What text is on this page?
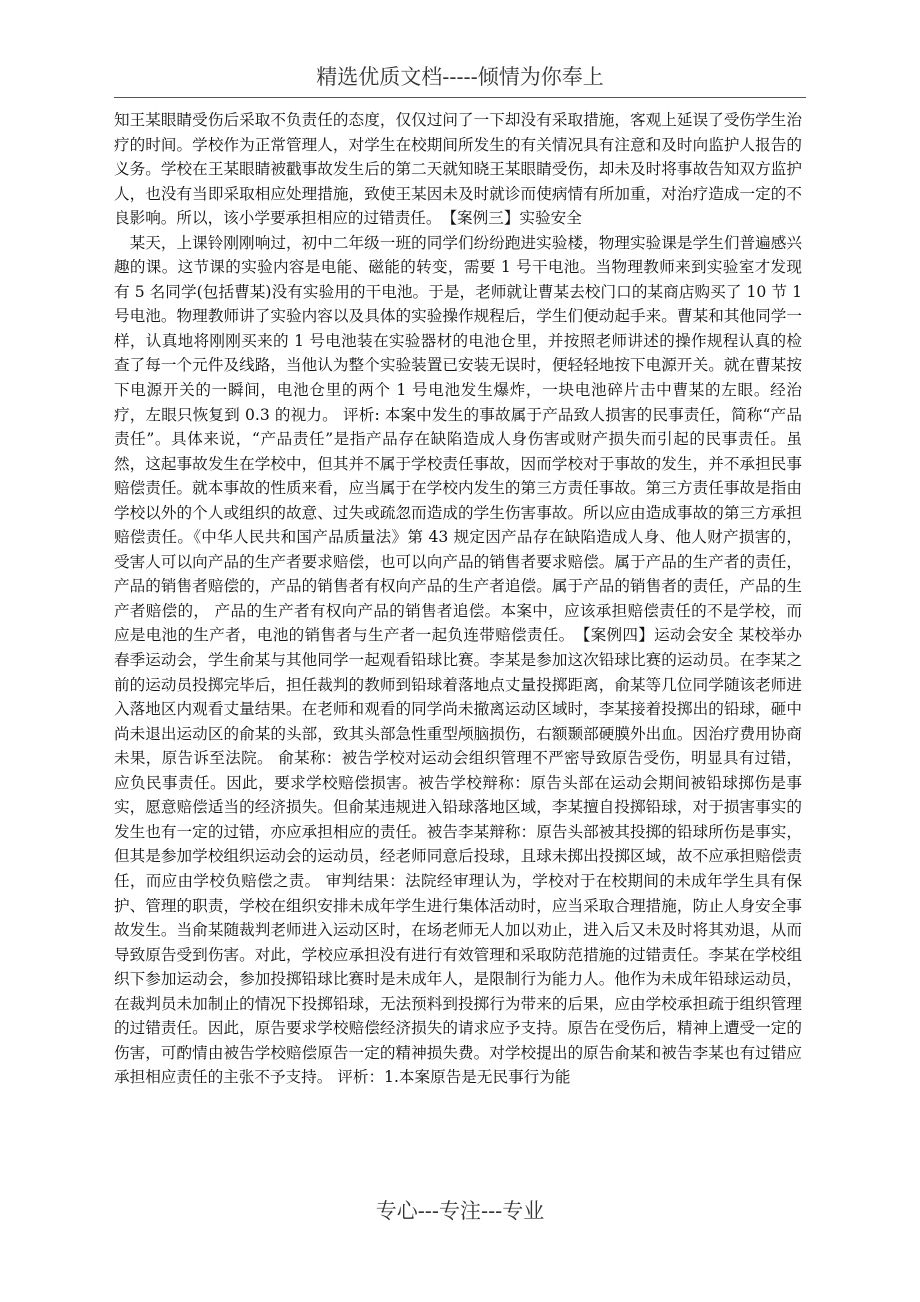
精选优质文档-----倾情为你奉上

知王某眼睛受伤后采取不负责任的态度，仅仅过问了一下却没有采取措施，客观上延误了受伤学生治疗的时间。学校作为正常管理人，对学生在校期间所发生的有关情况具有注意和及时向监护人报告的义务。学校在王某眼睛被戳事故发生后的第二天就知晓王某眼睛受伤，却未及时将事故告知双方监护人，也没有当即采取相应处理措施，致使王某因未及时就诊而使病情有所加重，对治疗造成一定的不良影响。所以，该小学要承担相应的过错责任。　【案例三】实验安全

某天，上课铃刚刚响过，初中二年级一班的同学们纷纷跑进实验楼，物理实验课是学生们普遍感兴趣的课。这节课的实验内容是电能、磁能的转变，需要 1 号干电池。当物理教师来到实验室才发现有 5 名同学(包括曹某)没有实验用的干电池。于是，老师就让曹某去校门口的某商店购买了 10 节 1 号电池。物理教师讲了实验内容以及具体的实验操作规程后，学生们便动起手来。曹某和其他同学一样，认真地将刚刚买来的 1 号电池装在实验器材的电池仓里，并按照老师讲述的操作规程认真的检查了每一个元件及线路，当他认为整个实验装置已安装无误时，便轻轻地按下电源开关。就在曹某按下电源开关的一瞬间，电池仓里的两个 1 号电池发生爆炸，一块电池碎片击中曹某的左眼。经治疗，左眼只恢复到 0.3 的视力。 评析: 本案中发生的事故属于产品致人损害的民事责任，简称“产品责任”。具体来说，“产品责任”是指产品存在缺陷造成人身伤害或财产损失而引起的民事责任。虽然，这起事故发生在学校中，但其并不属于学校责任事故，因而学校对于事故的发生，并不承担民事赔偿责任。就本事故的性质来看，应当属于在学校内发生的第三方责任事故。第三方责任事故是指由学校以外的个人或组织的故意、过失或疏忽而造成的学生伤害事故。所以应由造成事故的第三方承担赔偿责任。《中华人民共和国产品质量法》第 43 规定因产品存在缺陷造成人身、他人财产损害的，受害人可以向产品的生产者要求赔偿，也可以向产品的销售者要求赔偿。属于产品的生产者的责任，产品的销售者赔偿的，产品的销售者有权向产品的生产者追偿。属于产品的销售者的责任，产品的生产者赔偿的， 产品的生产者有权向产品的销售者追偿。本案中，应该承担赔偿责任的不是学校，而应是电池的生产者，电池的销售者与生产者一起负连带赔偿责任。　【案例四】运动会安全 某校举办春季运动会，学生俞某与其他同学一起观看铅球比赛。李某是参加这次铅球比赛的运动员。在李某之前的运动员投掷完毕后，担任裁判的教师到铅球着落地点丈量投掷距离，俞某等几位同学随该老师进入落地区内观看丈量结果。在老师和观看的同学尚未撤离运动区域时，李某接着投掷出的铅球，砸中尚未退出运动区的俞某的头部，致其头部急性重型颅脑损伤，右额颞部硬膜外出血。因治疗费用协商未果，原告诉至法院。 俞某称：被告学校对运动会组织管理不严密导致原告受伤，明显具有过错，应负民事责任。因此，要求学校赔偿损害。被告学校辩称：原告头部在运动会期间被铅球掷伤是事实，愿意赔偿适当的经济损失。但俞某违规进入铅球落地区域，李某擅自投掷铅球，对于损害事实的发生也有一定的过错，亦应承担相应的责任。被告李某辩称：原告头部被其投掷的铅球所伤是事实，但其是参加学校组织运动会的运动员，经老师同意后投球，且球未掷出投掷区域，故不应承担赔偿责任，而应由学校负赔偿之责。 审判结果：法院经审理认为，学校对于在校期间的未成年学生具有保护、管理的职责，学校在组织安排未成年学生进行集体活动时，应当采取合理措施，防止人身安全事故发生。当俞某随裁判老师进入运动区时，在场老师无人加以劝止，进入后又未及时将其劝退，从而导致原告受到伤害。对此，学校应承担没有进行有效管理和采取防范措施的过错责任。李某在学校组织下参加运动会，参加投掷铅球比赛时是未成年人，是限制行为能力人。他作为未成年铅球运动员，在裁判员未加制止的情况下投掷铅球，无法预料到投掷行为带来的后果，应由学校承担疏于组织管理的过错责任。因此，原告要求学校赔偿经济损失的请求应予支持。原告在受伤后，精神上遭受一定的伤害，可酌情由被告学校赔偿原告一定的精神损失费。对学校提出的原告俞某和被告李某也有过错应承担相应责任的主张不予支持。 评析：1.本案原告是无民事行为能

专心---专注---专业
